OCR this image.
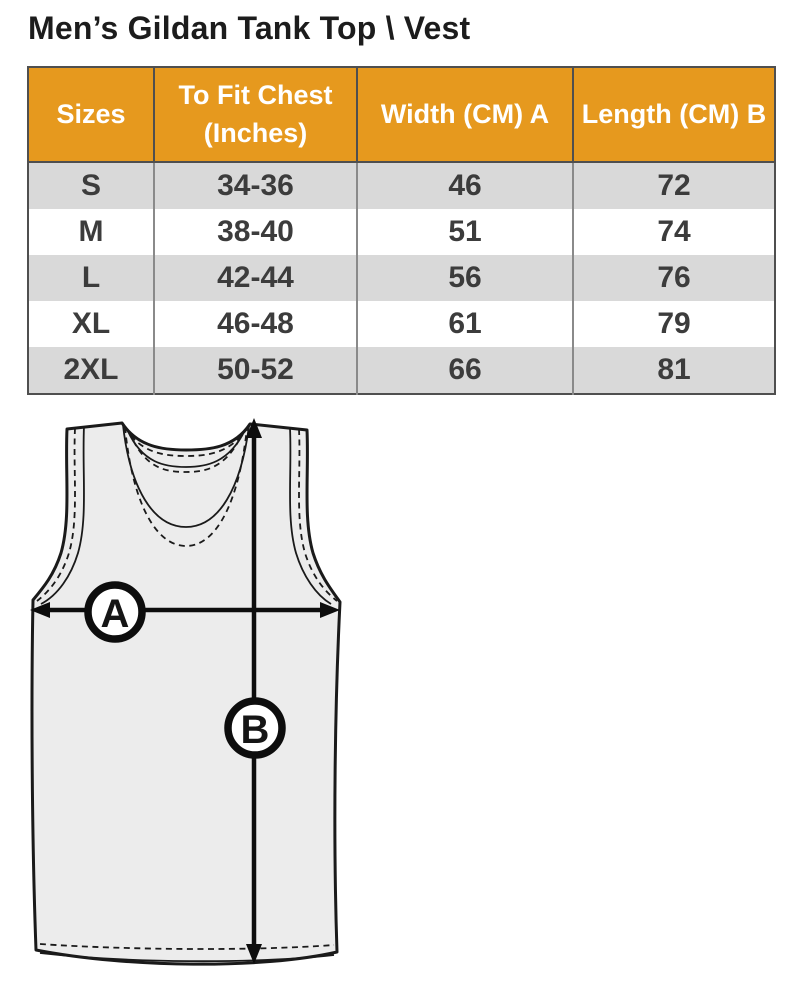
Men’s Gildan Tank Top \ Vest
Sizes	To Fit Chest (Inches)	Width (CM) A	Length (CM) B
S	34-36	46	72
M	38-40	51	74
L	42-44	56	76
XL	46-48	61	79
2XL	50-52	66	81
A
B
